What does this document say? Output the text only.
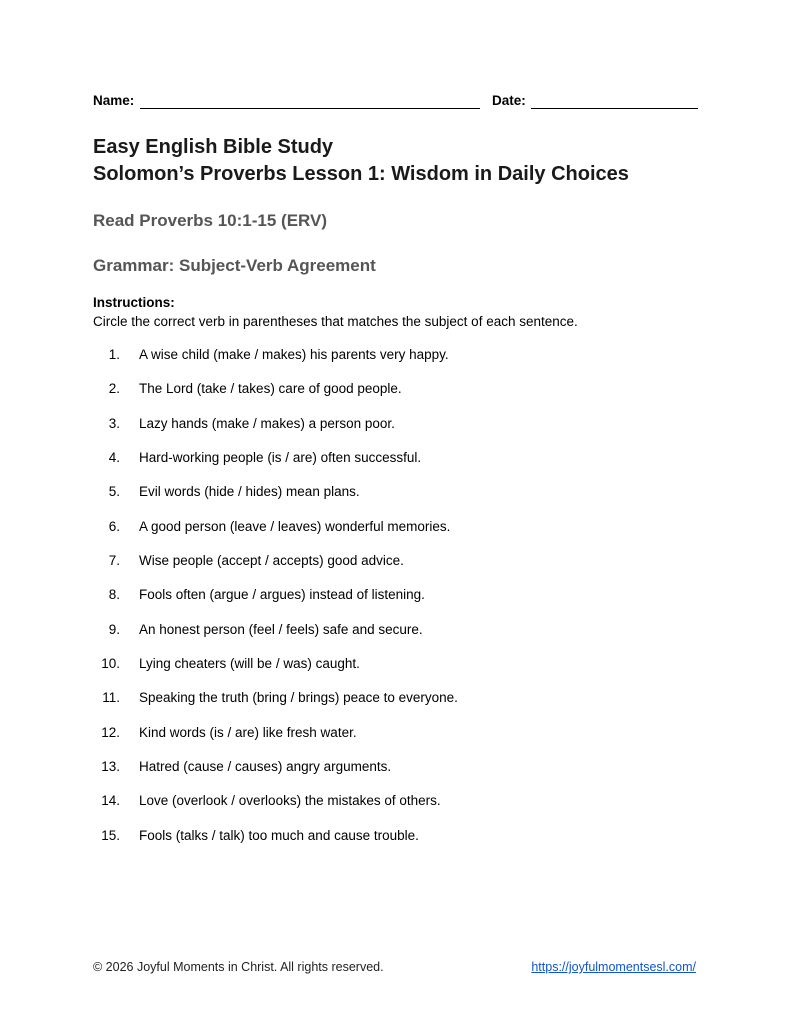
Name:	Date:
Easy English Bible Study
Solomon’s Proverbs Lesson 1: Wisdom in Daily Choices
Read Proverbs 10:1-15 (ERV)
Grammar: Subject-Verb Agreement
Instructions:
Circle the correct verb in parentheses that matches the subject of each sentence.
1. A wise child (make / makes) his parents very happy.
2. The Lord (take / takes) care of good people.
3. Lazy hands (make / makes) a person poor.
4. Hard-working people (is / are) often successful.
5. Evil words (hide / hides) mean plans.
6. A good person (leave / leaves) wonderful memories.
7. Wise people (accept / accepts) good advice.
8. Fools often (argue / argues) instead of listening.
9. An honest person (feel / feels) safe and secure.
10. Lying cheaters (will be / was) caught.
11. Speaking the truth (bring / brings) peace to everyone.
12. Kind words (is / are) like fresh water.
13. Hatred (cause / causes) angry arguments.
14. Love (overlook / overlooks) the mistakes of others.
15. Fools (talks / talk) too much and cause trouble.
© 2026 Joyful Moments in Christ. All rights reserved.	https://joyfulmomentsesl.com/
